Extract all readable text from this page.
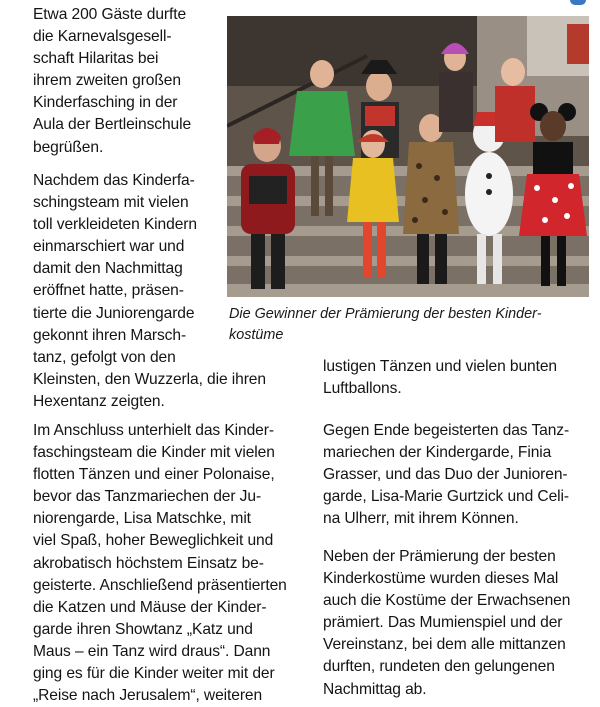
Etwa 200 Gäste durfte
die Karnevalsgesell-
schaft Hilaritas bei
ihrem zweiten großen
Kinderfasching in der
Aula der Bertleinschule
begrüßen.

Nachdem das Kinderfa-
schingsteam mit vielen
toll verkleideten Kindern
einmarschiert war und
damit den Nachmittag
eröffnet hatte, präsen-
tierte die Juniorengarde
gekonnt ihren Marsch-
tanz, gefolgt von den
Kleinsten, den Wuzzerla, die ihren
Hexentanz zeigten.

Im Anschluss unterhielt das Kinder-
faschingsteam die Kinder mit vielen
flotten Tänzen und einer Polonaise,
bevor das Tanzmariechen der Ju-
niorengarde, Lisa Matschke, mit
viel Spaß, hoher Beweglichkeit und
akrobatisch höchstem Einsatz be-
geisterte. Anschließend präsentierten
die Katzen und Mäuse der Kinder-
garde ihren Showtanz „Katz und
Maus – ein Tanz wird draus“. Dann
ging es für die Kinder weiter mit der
„Reise nach Jerusalem“, weiteren

lustigen Tänzen und vielen bunten
Luftballons.

Gegen Ende begeisterten das Tanz-
mariechen der Kindergarde, Finia
Grasser, und das Duo der Junioren-
garde, Lisa-Marie Gurtzick und Celi-
na Ulherr, mit ihrem Können.

Neben der Prämierung der besten
Kinderkostüme wurden dieses Mal
auch die Kostüme der Erwachsenen
prämiert. Das Mumienspiel und der
Vereinstanz, bei dem alle mittanzen
durften, rundeten den gelungenen
Nachmittag ab.

Die Gewinner der Prämierung der besten Kinder-
kostüme
